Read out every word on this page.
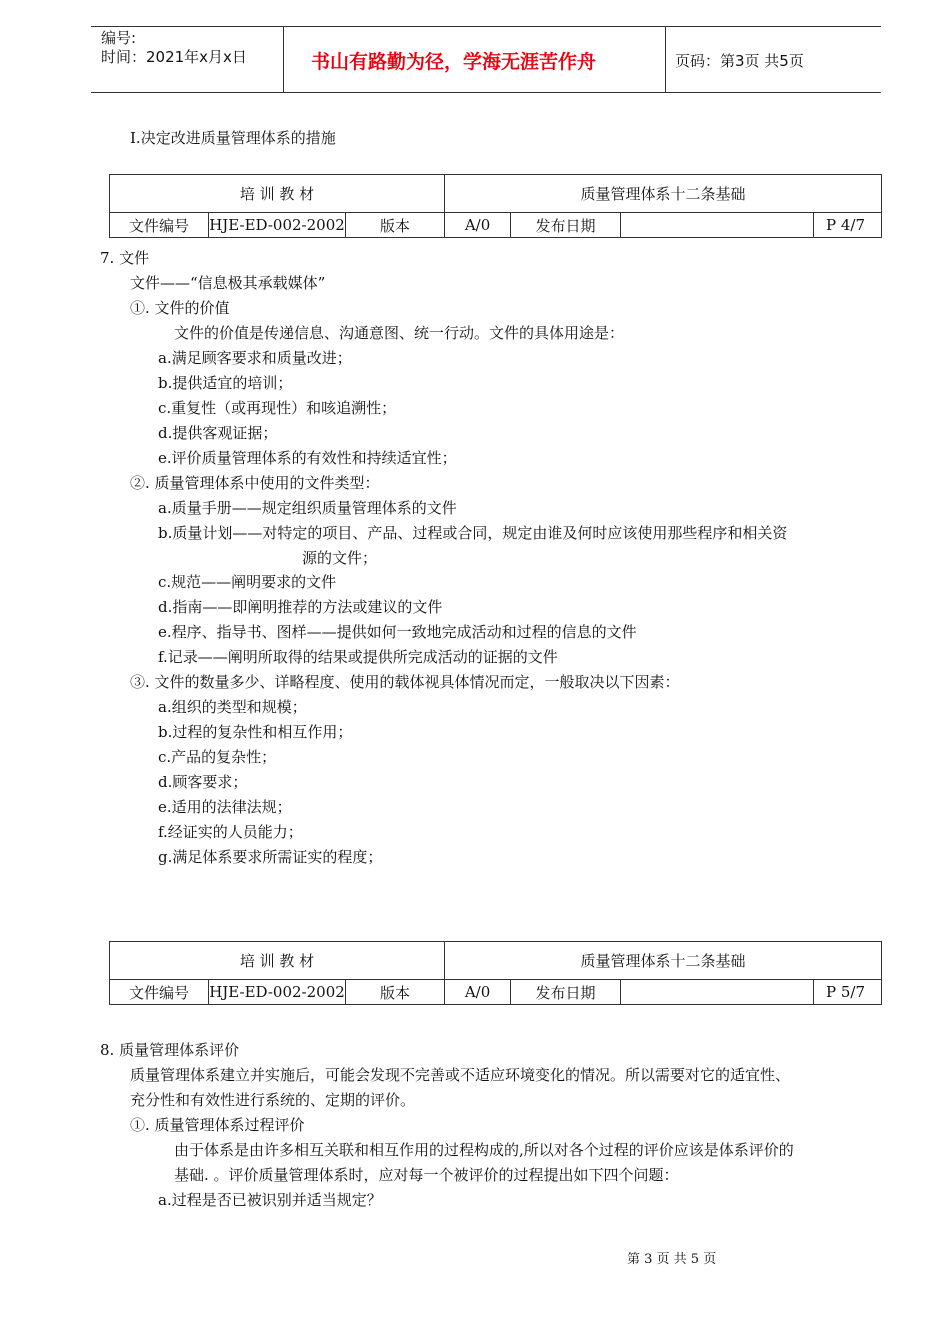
编号:
时间：2021年x月x日	书山有路勤为径，学海无涯苦作舟	页码：第3页 共5页
I.决定改进质量管理体系的措施
培 训 教 材			质量管理体系十二条基础			
文件编号	HJE-ED-002-2002	版本	A/0	发布日期		P 4/7
7. 文件
文件——“信息极其承载媒体”
①. 文件的价值
文件的价值是传递信息、沟通意图、统一行动。文件的具体用途是：
a.满足顾客要求和质量改进；
b.提供适宜的培训；
c.重复性（或再现性）和咳追溯性；
d.提供客观证据；
e.评价质量管理体系的有效性和持续适宜性；
②. 质量管理体系中使用的文件类型：
a.质量手册——规定组织质量管理体系的文件
b.质量计划——对特定的项目、产品、过程或合同，规定由谁及何时应该使用那些程序和相关资
源的文件；
c.规范——阐明要求的文件
d.指南——即阐明推荐的方法或建议的文件
e.程序、指导书、图样——提供如何一致地完成活动和过程的信息的文件
f.记录——阐明所取得的结果或提供所完成活动的证据的文件
③. 文件的数量多少、详略程度、使用的载体视具体情况而定，一般取决以下因素：
a.组织的类型和规模；
b.过程的复杂性和相互作用；
c.产品的复杂性；
d.顾客要求；
e.适用的法律法规；
f.经证实的人员能力；
g.满足体系要求所需证实的程度；
培 训 教 材			质量管理体系十二条基础			
文件编号	HJE-ED-002-2002	版本	A/0	发布日期		P 5/7
8. 质量管理体系评价
质量管理体系建立并实施后，可能会发现不完善或不适应环境变化的情况。所以需要对它的适宜性、
充分性和有效性进行系统的、定期的评价。
①. 质量管理体系过程评价
由于体系是由许多相互关联和相互作用的过程构成的,所以对各个过程的评价应该是体系评价的
基础. 。评价质量管理体系时，应对每一个被评价的过程提出如下四个问题：
a.过程是否已被识别并适当规定？
第 3 页 共 5 页
